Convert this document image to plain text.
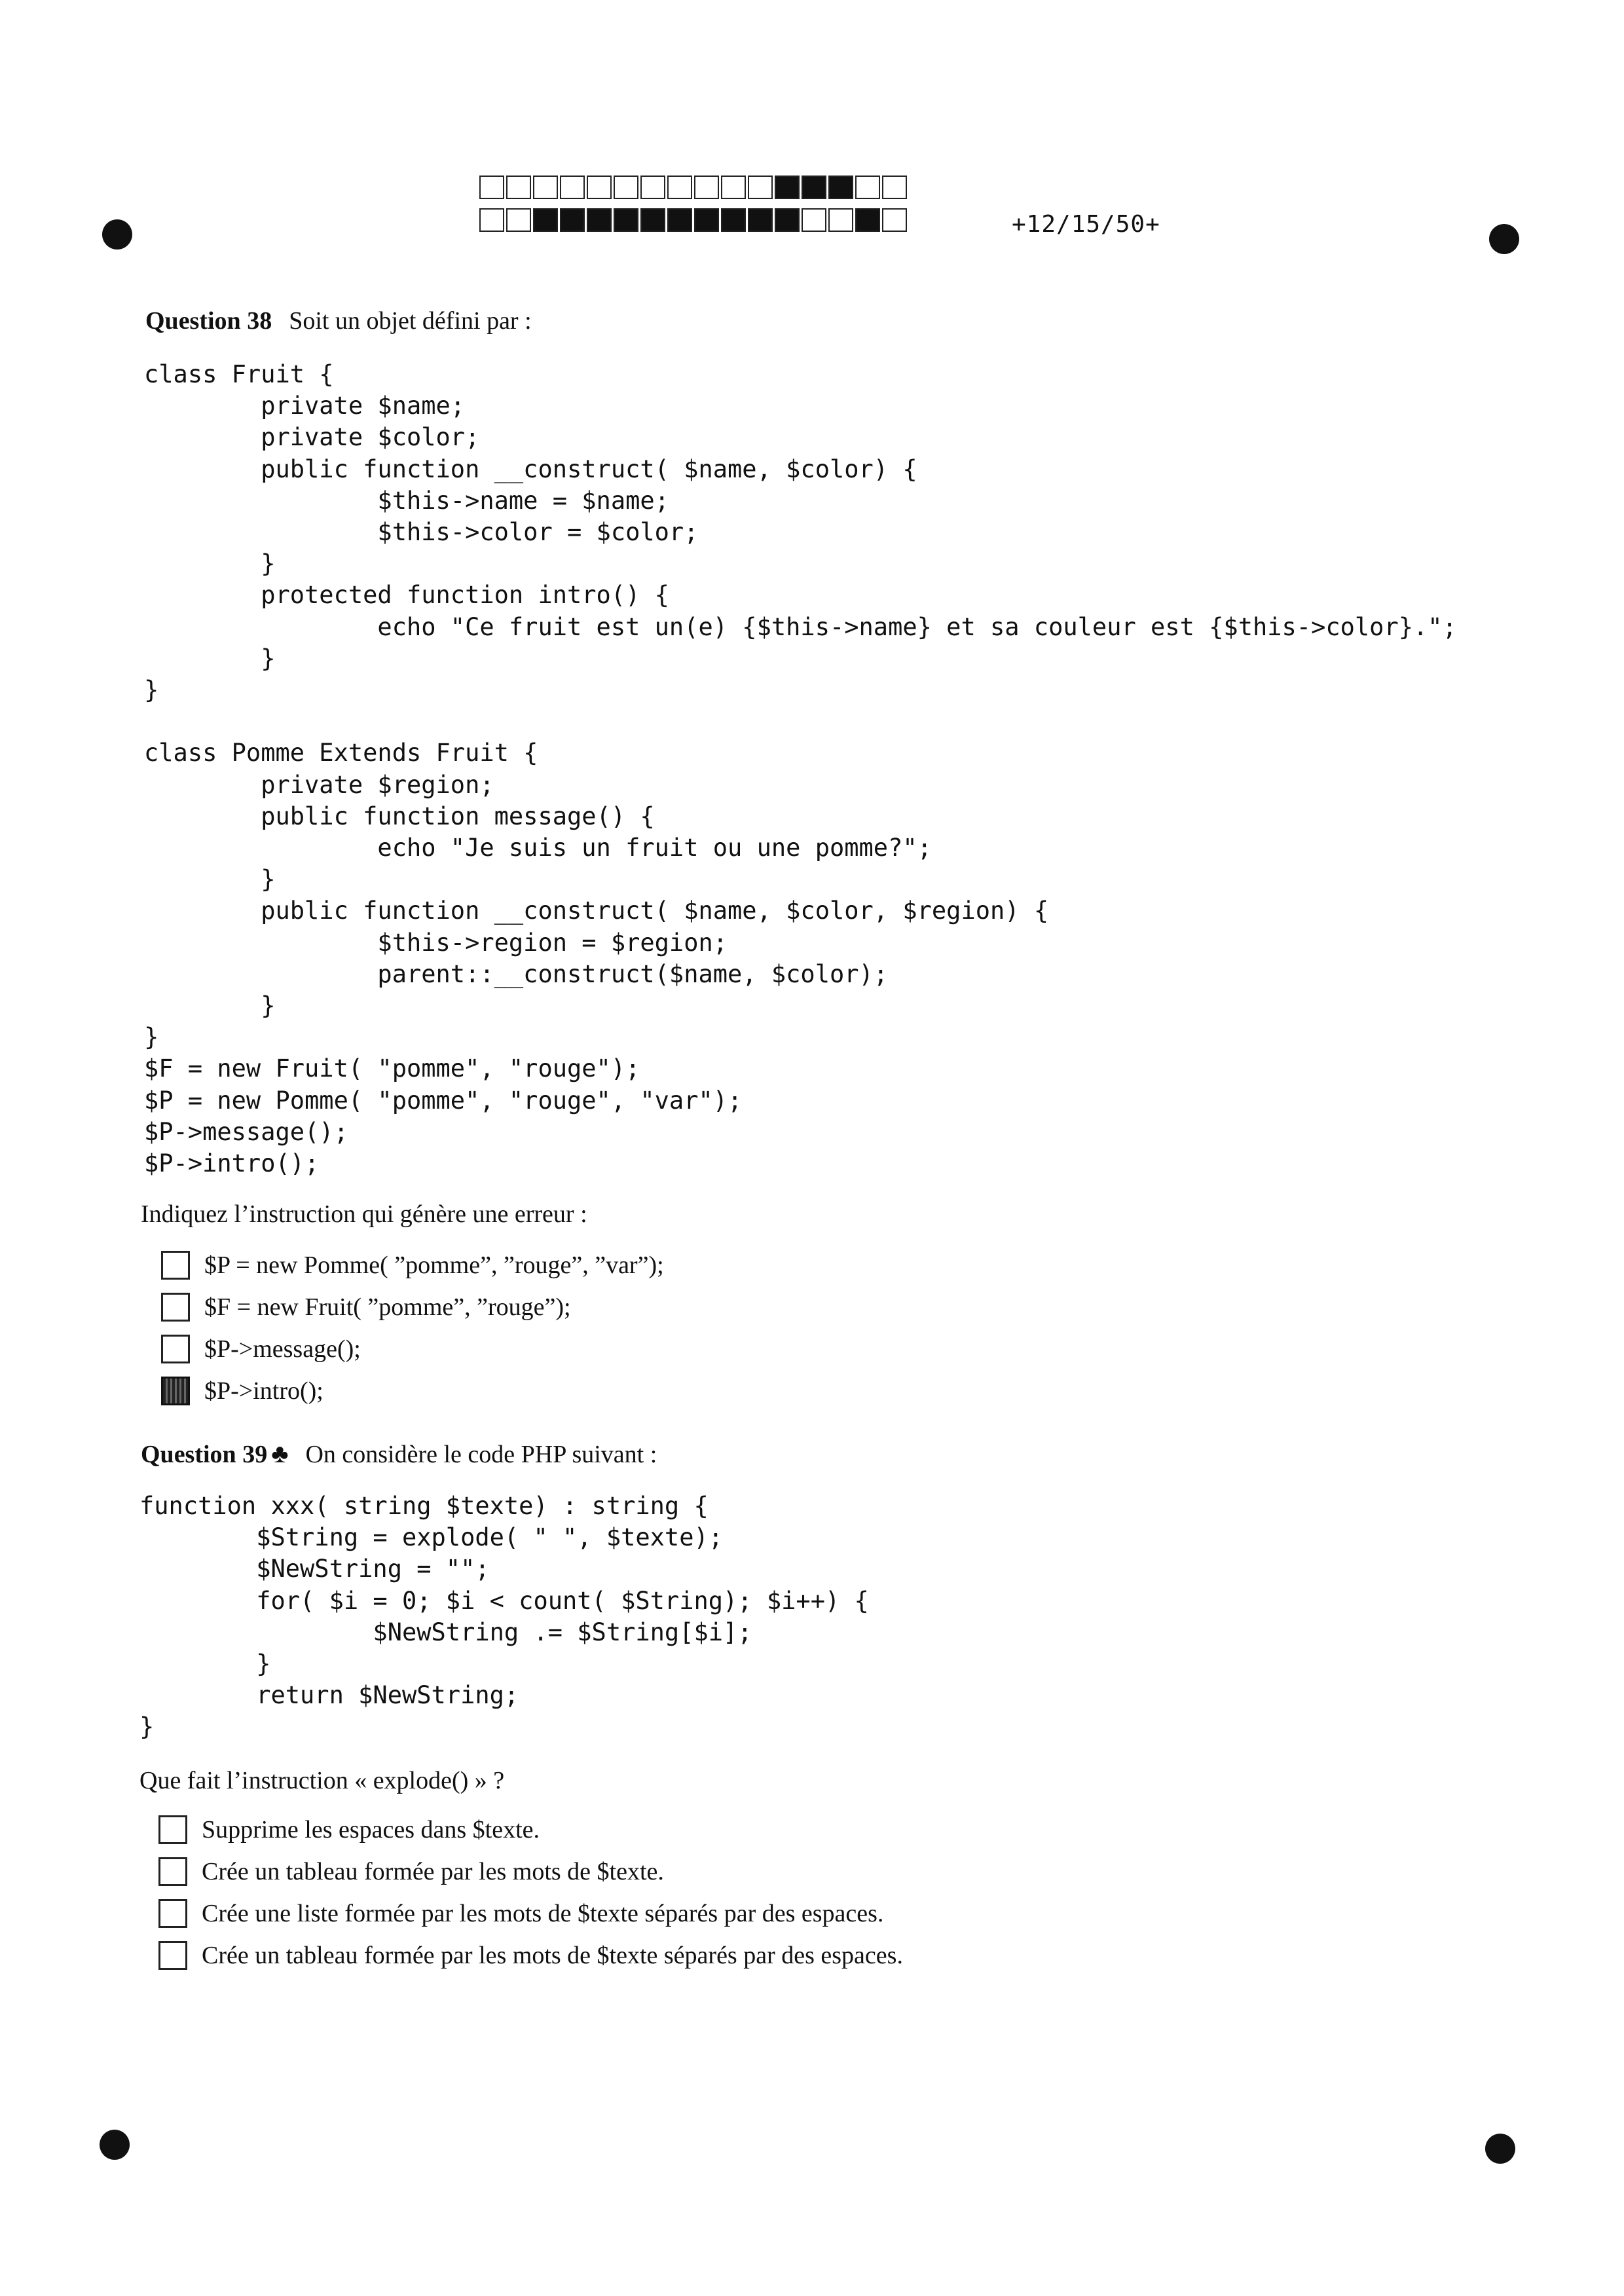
+12/15/50+
Question 38 Soit un objet défini par :
class Fruit {
private $name;
private $color;
public function __construct( $name, $color) {
$this->name = $name;
$this->color = $color;
}
protected function intro() {
echo "Ce fruit est un(e) {$this->name} et sa couleur est {$this->color}.";
}
}

class Pomme Extends Fruit {
private $region;
public function message() {
echo "Je suis un fruit ou une pomme?";
}
public function __construct( $name, $color, $region) {
$this->region = $region;
parent::__construct($name, $color);
}
}
$F = new Fruit( "pomme", "rouge");
$P = new Pomme( "pomme", "rouge", "var");
$P->message();
$P->intro();
Indiquez l’instruction qui génère une erreur :
$P = new Pomme( ”pomme”, ”rouge”, ”var”);
$F = new Fruit( ”pomme”, ”rouge”);
$P->message();
$P->intro();
Question 39 ♣ On considère le code PHP suivant :
function xxx( string $texte) : string {
$String = explode( " ", $texte);
$NewString = "";
for( $i = 0; $i < count( $String); $i++) {
$NewString .= $String[$i];
}
return $NewString;
}
Que fait l’instruction « explode() » ?
Supprime les espaces dans $texte.
Crée un tableau formée par les mots de $texte.
Crée une liste formée par les mots de $texte séparés par des espaces.
Crée un tableau formée par les mots de $texte séparés par des espaces.
